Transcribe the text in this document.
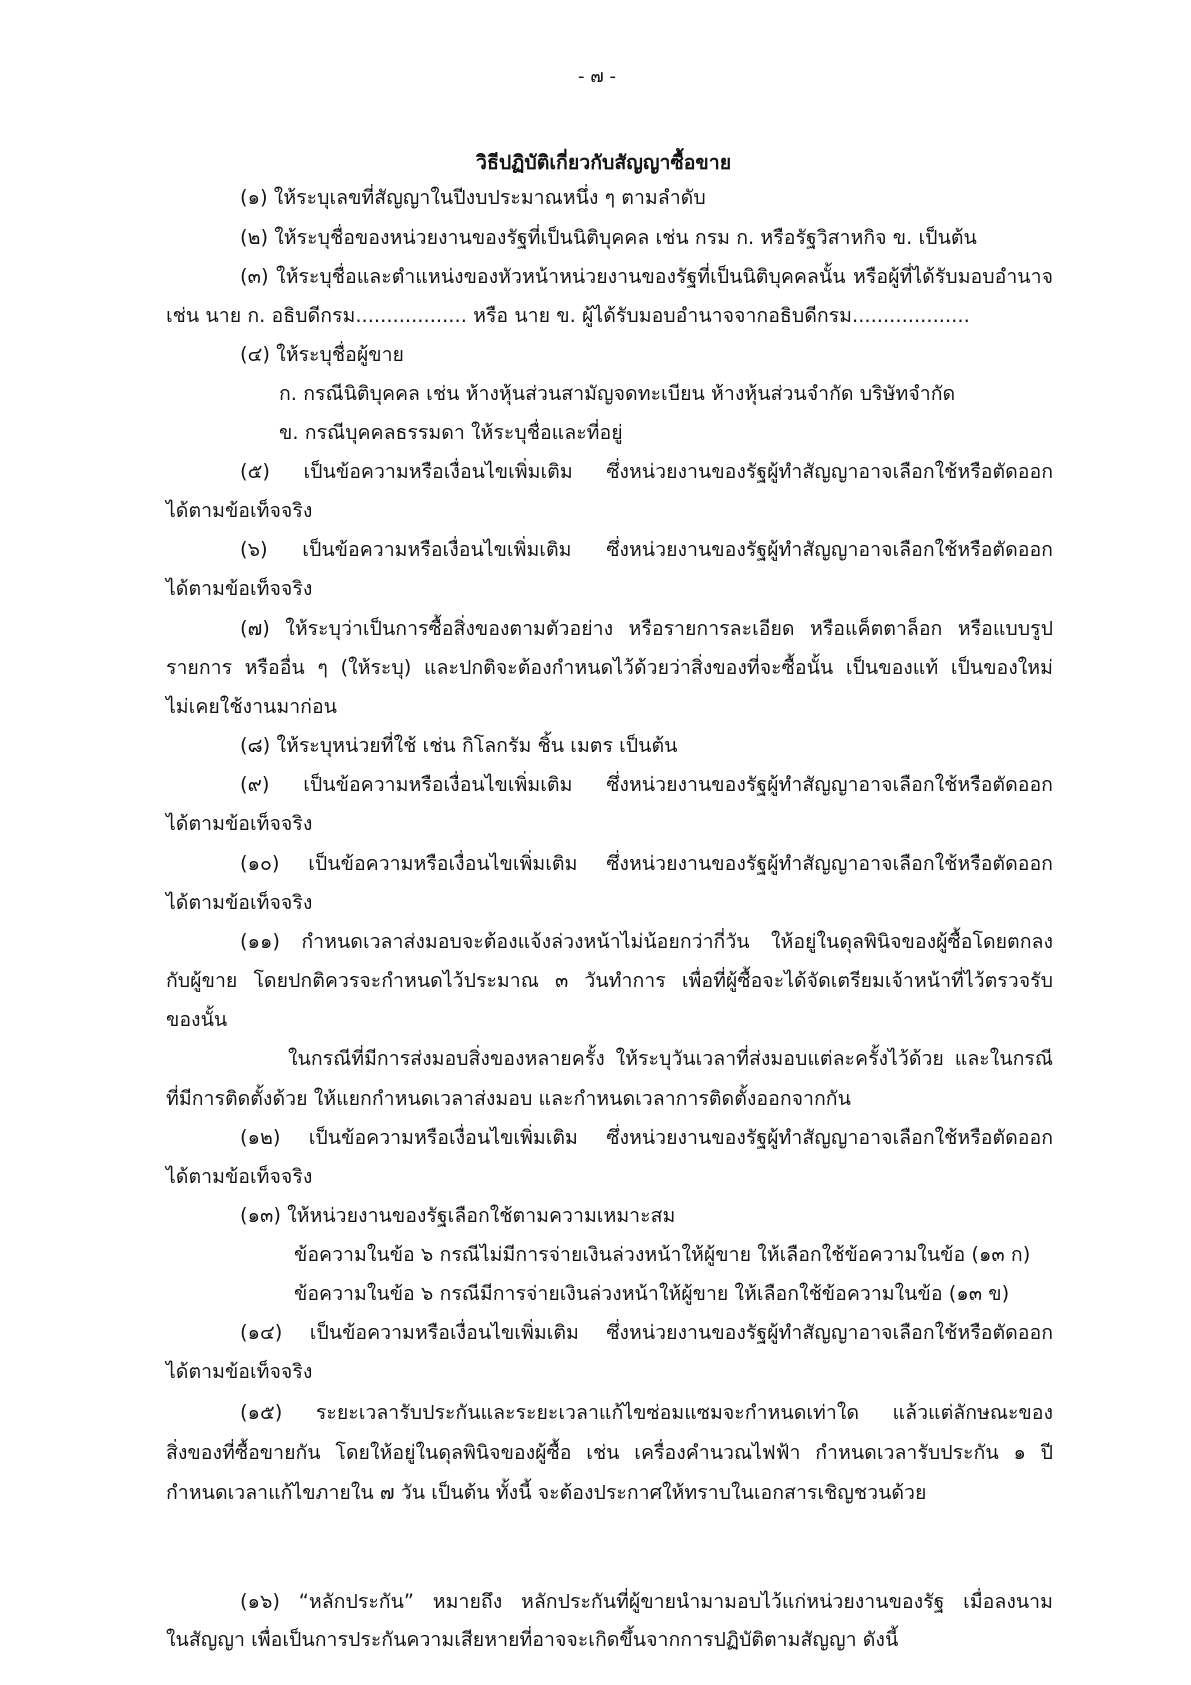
- ๗ -
วิธีปฏิบัติเกี่ยวกับสัญญาซื้อขาย
(๑) ให้ระบุเลขที่สัญญาในปีงบประมาณหนึ่ง ๆ ตามลำดับ
(๒) ให้ระบุชื่อของหน่วยงานของรัฐที่เป็นนิติบุคคล เช่น กรม ก. หรือรัฐวิสาหกิจ ข. เป็นต้น
(๓) ให้ระบุชื่อและตำแหน่งของหัวหน้าหน่วยงานของรัฐที่เป็นนิติบุคคลนั้น หรือผู้ที่ได้รับมอบอำนาจ
เช่น นาย ก. อธิบดีกรม.................. หรือ นาย ข. ผู้ได้รับมอบอำนาจจากอธิบดีกรม...................
(๔) ให้ระบุชื่อผู้ขาย
ก. กรณีนิติบุคคล เช่น ห้างหุ้นส่วนสามัญจดทะเบียน ห้างหุ้นส่วนจำกัด บริษัทจำกัด
ข. กรณีบุคคลธรรมดา ให้ระบุชื่อและที่อยู่
(๕) เป็นข้อความหรือเงื่อนไขเพิ่มเติม ซึ่งหน่วยงานของรัฐผู้ทำสัญญาอาจเลือกใช้หรือตัดออก
ได้ตามข้อเท็จจริง
(๖) เป็นข้อความหรือเงื่อนไขเพิ่มเติม ซึ่งหน่วยงานของรัฐผู้ทำสัญญาอาจเลือกใช้หรือตัดออก
ได้ตามข้อเท็จจริง
(๗) ให้ระบุว่าเป็นการซื้อสิ่งของตามตัวอย่าง หรือรายการละเอียด หรือแค็ตตาล็อก หรือแบบรูป
รายการ หรืออื่น ๆ (ให้ระบุ) และปกติจะต้องกำหนดไว้ด้วยว่าสิ่งของที่จะซื้อนั้น เป็นของแท้ เป็นของใหม่
ไม่เคยใช้งานมาก่อน
(๘) ให้ระบุหน่วยที่ใช้ เช่น กิโลกรัม ชิ้น เมตร เป็นต้น
(๙) เป็นข้อความหรือเงื่อนไขเพิ่มเติม ซึ่งหน่วยงานของรัฐผู้ทำสัญญาอาจเลือกใช้หรือตัดออก
ได้ตามข้อเท็จจริง
(๑๐) เป็นข้อความหรือเงื่อนไขเพิ่มเติม ซึ่งหน่วยงานของรัฐผู้ทำสัญญาอาจเลือกใช้หรือตัดออก
ได้ตามข้อเท็จจริง
(๑๑) กำหนดเวลาส่งมอบจะต้องแจ้งล่วงหน้าไม่น้อยกว่ากี่วัน ให้อยู่ในดุลพินิจของผู้ซื้อโดยตกลง
กับผู้ขาย โดยปกติควรจะกำหนดไว้ประมาณ ๓ วันทำการ เพื่อที่ผู้ซื้อจะได้จัดเตรียมเจ้าหน้าที่ไว้ตรวจรับ
ของนั้น
ในกรณีที่มีการส่งมอบสิ่งของหลายครั้ง ให้ระบุวันเวลาที่ส่งมอบแต่ละครั้งไว้ด้วย และในกรณี
ที่มีการติดตั้งด้วย ให้แยกกำหนดเวลาส่งมอบ และกำหนดเวลาการติดตั้งออกจากกัน
(๑๒) เป็นข้อความหรือเงื่อนไขเพิ่มเติม ซึ่งหน่วยงานของรัฐผู้ทำสัญญาอาจเลือกใช้หรือตัดออก
ได้ตามข้อเท็จจริง
(๑๓) ให้หน่วยงานของรัฐเลือกใช้ตามความเหมาะสม
ข้อความในข้อ ๖ กรณีไม่มีการจ่ายเงินล่วงหน้าให้ผู้ขาย ให้เลือกใช้ข้อความในข้อ (๑๓ ก)
ข้อความในข้อ ๖ กรณีมีการจ่ายเงินล่วงหน้าให้ผู้ขาย ให้เลือกใช้ข้อความในข้อ (๑๓ ข)
(๑๔) เป็นข้อความหรือเงื่อนไขเพิ่มเติม ซึ่งหน่วยงานของรัฐผู้ทำสัญญาอาจเลือกใช้หรือตัดออก
ได้ตามข้อเท็จจริง
(๑๕) ระยะเวลารับประกันและระยะเวลาแก้ไขซ่อมแซมจะกำหนดเท่าใด แล้วแต่ลักษณะของ
สิ่งของที่ซื้อขายกัน โดยให้อยู่ในดุลพินิจของผู้ซื้อ เช่น เครื่องคำนวณไฟฟ้า กำหนดเวลารับประกัน ๑ ปี
กำหนดเวลาแก้ไขภายใน ๗ วัน เป็นต้น ทั้งนี้ จะต้องประกาศให้ทราบในเอกสารเชิญชวนด้วย
(๑๖) “หลักประกัน” หมายถึง หลักประกันที่ผู้ขายนำมามอบไว้แก่หน่วยงานของรัฐ เมื่อลงนาม
ในสัญญา เพื่อเป็นการประกันความเสียหายที่อาจจะเกิดขึ้นจากการปฏิบัติตามสัญญา ดังนี้
